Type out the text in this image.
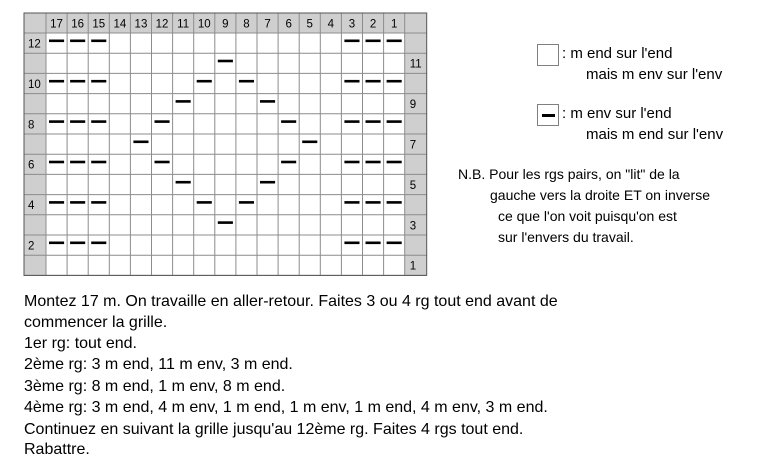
17 16 15 14 13 12 11 10 9 8 7 6 5 4 3 2 1
12
10
8
6
4
2
11
9
7
5
3
1
: m end sur l'end
mais m env sur l'env
: m env sur l'end
mais m end sur l'env
N.B. Pour les rgs pairs, on "lit" de la
gauche vers la droite ET on inverse
ce que l'on voit puisqu'on est
sur l'envers du travail.
Montez 17 m. On travaille en aller-retour. Faites 3 ou 4 rg tout end avant de
commencer la grille.
1er rg: tout end.
2ème rg: 3 m end, 11 m env, 3 m end.
3ème rg: 8 m end, 1 m env, 8 m end.
4ème rg: 3 m end, 4 m env, 1 m end, 1 m env, 1 m end, 4 m env, 3 m end.
Continuez en suivant la grille jusqu'au 12ème rg. Faites 4 rgs tout end.
Rabattre.
